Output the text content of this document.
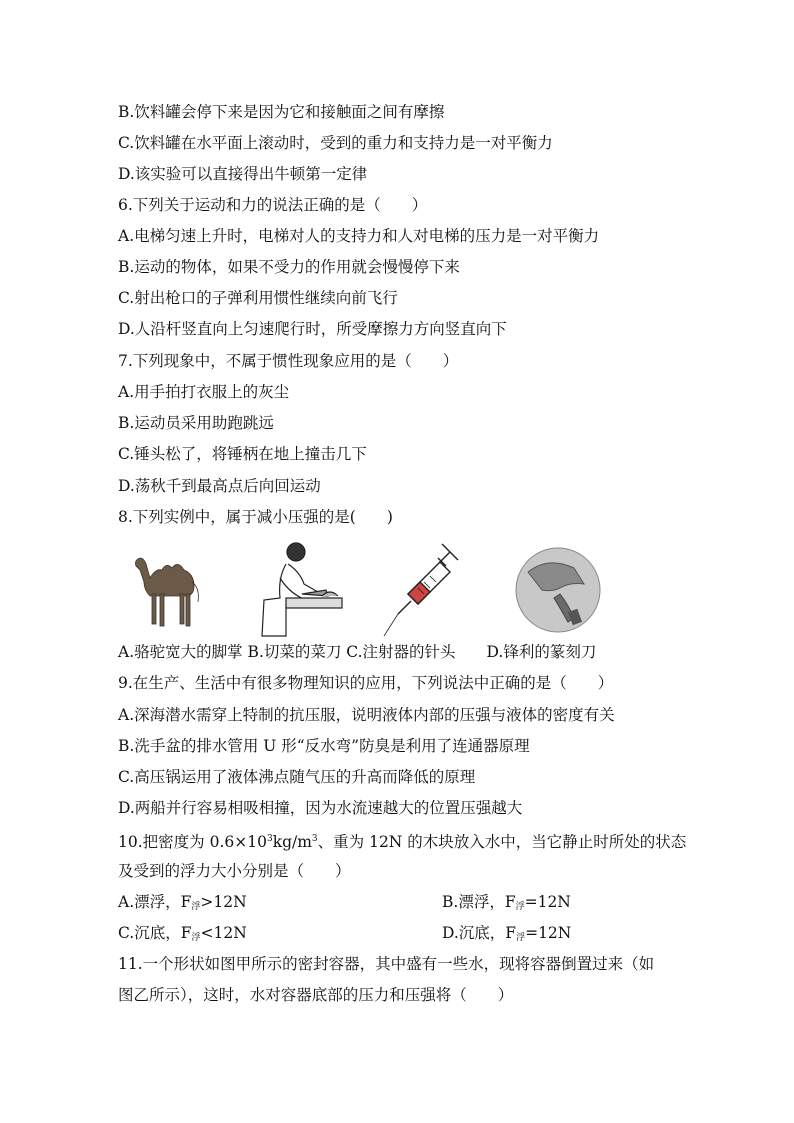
B.饮料罐会停下来是因为它和接触面之间有摩擦
C.饮料罐在水平面上滚动时，受到的重力和支持力是一对平衡力
D.该实验可以直接得出牛顿第一定律
6.下列关于运动和力的说法正确的是（　　）
A.电梯匀速上升时，电梯对人的支持力和人对电梯的压力是一对平衡力
B.运动的物体，如果不受力的作用就会慢慢停下来
C.射出枪口的子弹利用惯性继续向前飞行
D.人沿杆竖直向上匀速爬行时，所受摩擦力方向竖直向下
7.下列现象中，不属于惯性现象应用的是（　　）
A.用手拍打衣服上的灰尘
B.运动员采用助跑跳远
C.锤头松了，将锤柄在地上撞击几下
D.荡秋千到最高点后向回运动
8.下列实例中，属于减小压强的是(　　)
A.骆驼宽大的脚掌 B.切菜的菜刀 C.注射器的针头　　D.锋利的篆刻刀
9.在生产、生活中有很多物理知识的应用，下列说法中正确的是（　　）
A.深海潜水需穿上特制的抗压服，说明液体内部的压强与液体的密度有关
B.洗手盆的排水管用 U 形“反水弯”防臭是利用了连通器原理
C.高压锅运用了液体沸点随气压的升高而降低的原理
D.两船并行容易相吸相撞，因为水流速越大的位置压强越大
10.把密度为 $0.6\times 10^3kg/m^3$、重为 12N 的木块放入水中，当它静止时所处的状态
及受到的浮力大小分别是（　　）
A.漂浮，$F_浮>12N$	B.漂浮，$F_浮=12N$
C.沉底，$F_浮<12N$	D.沉底，$F_浮=12N$
11.一个形状如图甲所示的密封容器，其中盛有一些水，现将容器倒置过来（如
图乙所示），这时，水对容器底部的压力和压强将（　　）
